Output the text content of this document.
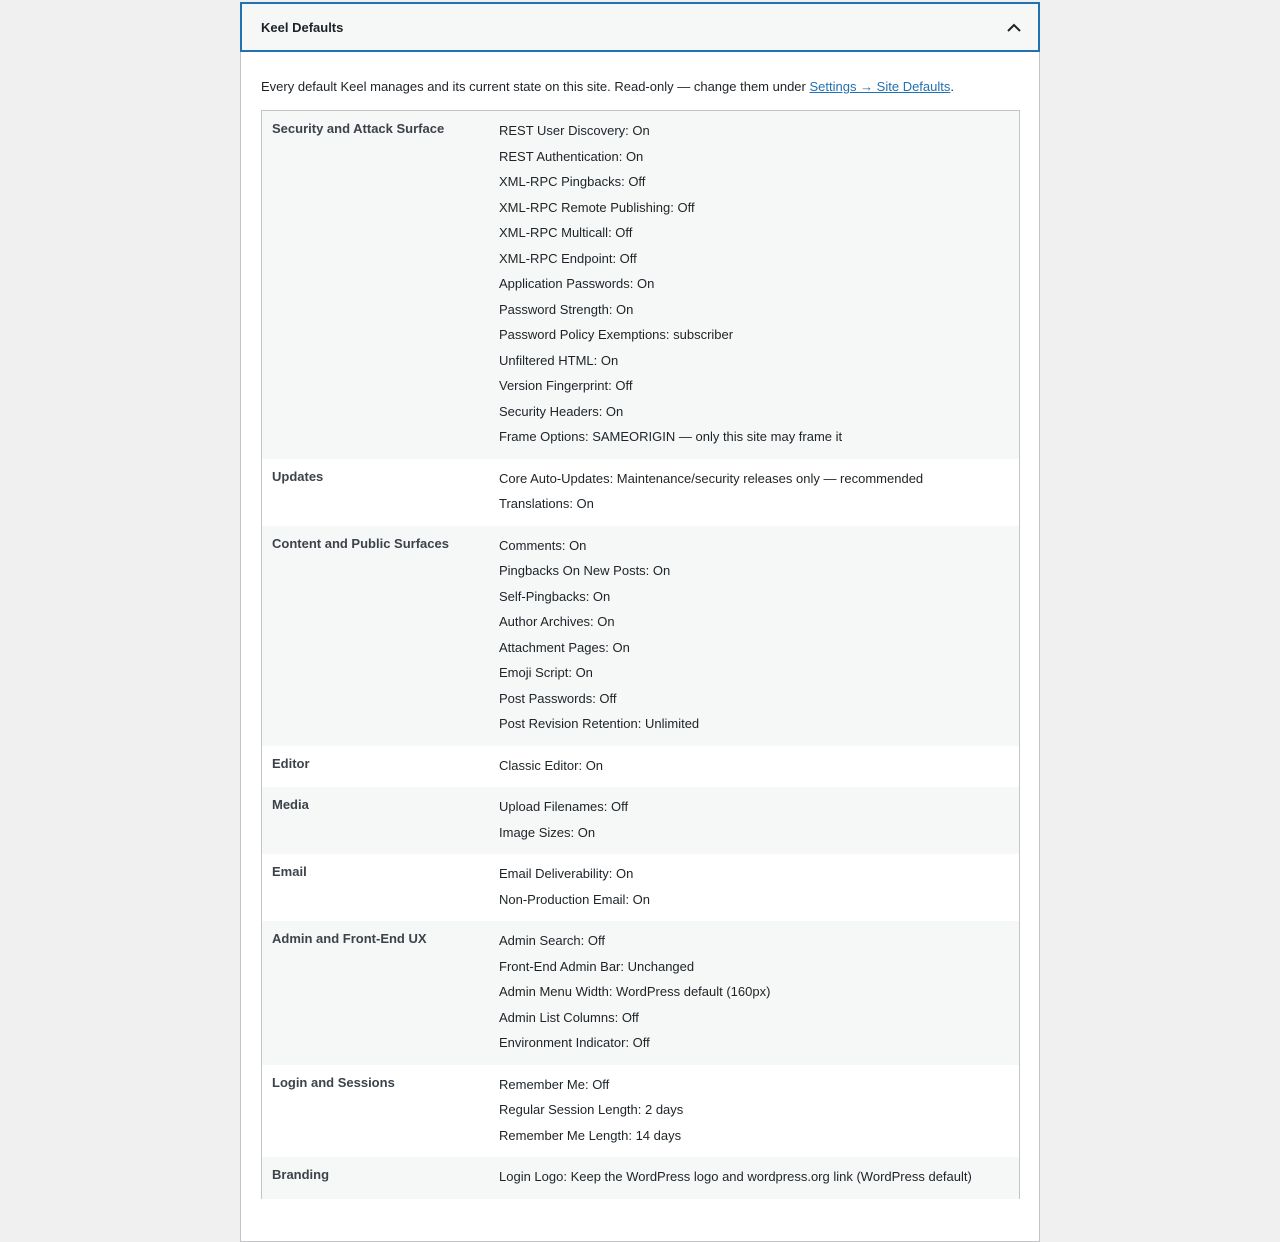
Keel Defaults

Every default Keel manages and its current state on this site. Read-only — change them under Settings → Site Defaults.

Security and Attack Surface	REST User Discovery: On
REST Authentication: On
XML-RPC Pingbacks: Off
XML-RPC Remote Publishing: Off
XML-RPC Multicall: Off
XML-RPC Endpoint: Off
Application Passwords: On
Password Strength: On
Password Policy Exemptions: subscriber
Unfiltered HTML: On
Version Fingerprint: Off
Security Headers: On
Frame Options: SAMEORIGIN — only this site may frame it
Updates	Core Auto-Updates: Maintenance/security releases only — recommended
Translations: On
Content and Public Surfaces	Comments: On
Pingbacks On New Posts: On
Self-Pingbacks: On
Author Archives: On
Attachment Pages: On
Emoji Script: On
Post Passwords: Off
Post Revision Retention: Unlimited
Editor	Classic Editor: On
Media	Upload Filenames: Off
Image Sizes: On
Email	Email Deliverability: On
Non-Production Email: On
Admin and Front-End UX	Admin Search: Off
Front-End Admin Bar: Unchanged
Admin Menu Width: WordPress default (160px)
Admin List Columns: Off
Environment Indicator: Off
Login and Sessions	Remember Me: Off
Regular Session Length: 2 days
Remember Me Length: 14 days
Branding	Login Logo: Keep the WordPress logo and wordpress.org link (WordPress default)
